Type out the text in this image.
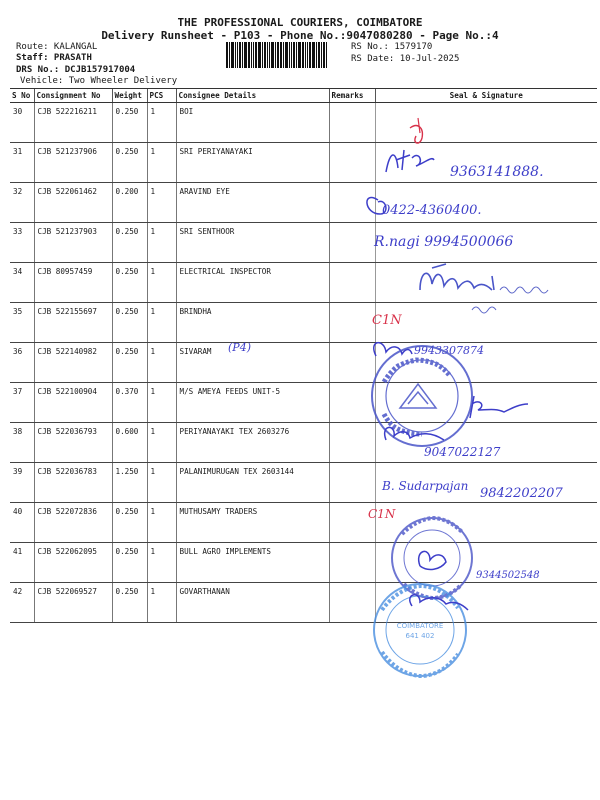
THE PROFESSIONAL COURIERS, COIMBATORE
Delivery Runsheet - P103 - Phone No.:9047080280 - Page No.:4
Route: KALANGAL
Staff: PRASATH
DRS No.: DCJB157917004
Vehicle: Two Wheeler Delivery
RS No.: 1579170
RS Date: 10-Jul-2025
S No	Consignment No	Weight	PCS	Consignee Details	Remarks	Seal & Signature
30	CJB 522216211	0.250	1	BOI		
31	CJB 521237906	0.250	1	SRI PERIYANAYAKI		
32	CJB 522061462	0.200	1	ARAVIND EYE		
33	CJB 521237903	0.250	1	SRI SENTHOOR		
34	CJB 80957459	0.250	1	ELECTRICAL INSPECTOR		
35	CJB 522155697	0.250	1	BRINDHA		
36	CJB 522140982	0.250	1	SIVARAM		
37	CJB 522100904	0.370	1	M/S AMEYA FEEDS UNIT-5		
38	CJB 522036793	0.600	1	PERIYANAYAKI TEX 2603276		
39	CJB 522036783	1.250	1	PALANIMURUGAN TEX 2603144		
40	CJB 522072836	0.250	1	MUTHUSAMY TRADERS		
41	CJB 522062095	0.250	1	BULL AGRO IMPLEMENTS		
42	CJB 522069527	0.250	1	GOVARTHANAN		
9363141888.
0422-4360400.
R.nagi 9994500066
C1N
(P4)	9943307874
9047022127
B. Sudarpajan 9842202207
C1N
9344502548
COIMBATORE
641 402
